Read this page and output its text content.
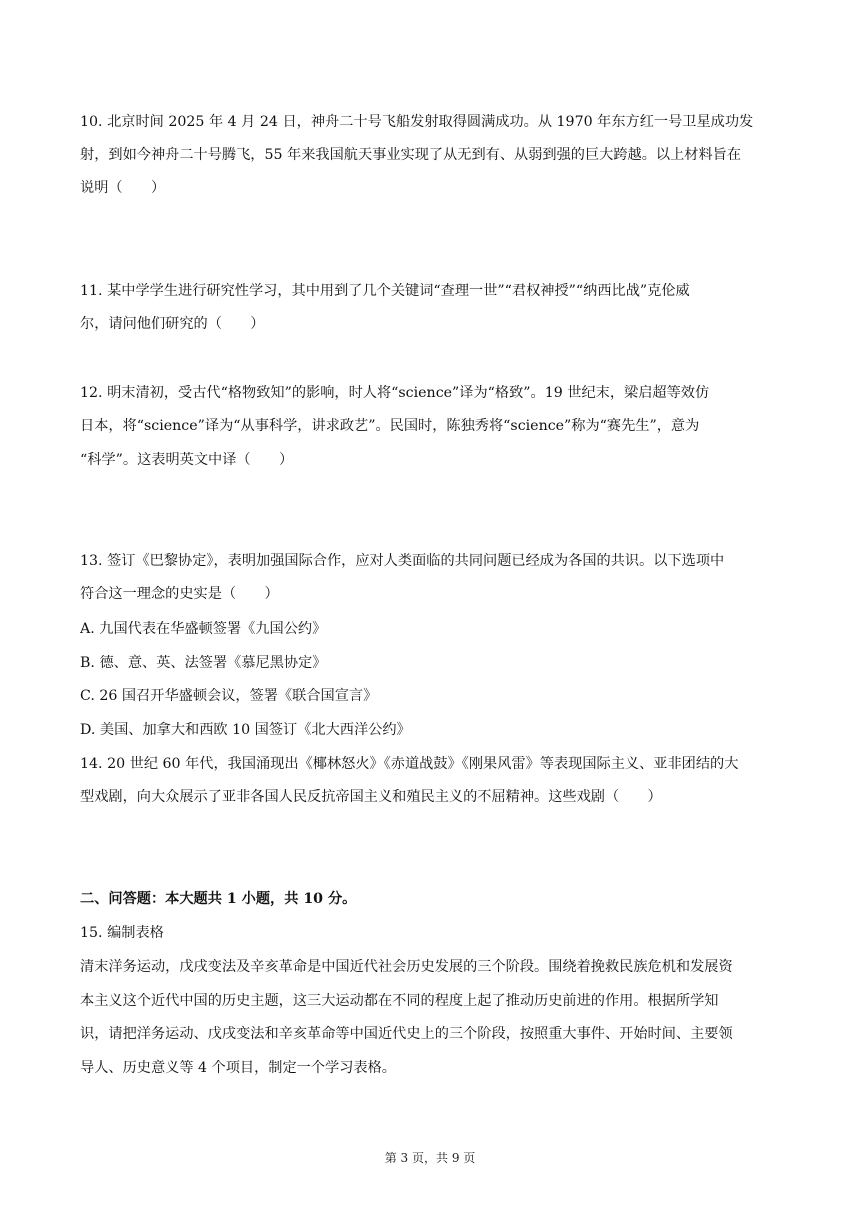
10. 北京时间 2025 年 4 月 24 日，神舟二十号飞船发射取得圆满成功。从 1970 年东方红一号卫星成功发
射，到如今神舟二十号腾飞，55 年来我国航天事业实现了从无到有、从弱到强的巨大跨越。以上材料旨在
说明（　　）
11. 某中学学生进行研究性学习，其中用到了几个关键词“查理一世”“君权神授”“纳西比战”克伦威
尔，请问他们研究的（　　）
12. 明末清初，受古代“格物致知”的影响，时人将“science”译为“格致”。19 世纪末，梁启超等效仿
日本，将“science”译为“从事科学，讲求政艺”。民国时，陈独秀将“science”称为“赛先生”，意为
“科学”。这表明英文中译（　　）
13. 签订《巴黎协定》，表明加强国际合作，应对人类面临的共同问题已经成为各国的共识。以下选项中
符合这一理念的史实是（　　）
A. 九国代表在华盛顿签署《九国公约》
B. 德、意、英、法签署《慕尼黑协定》
C. 26 国召开华盛顿会议，签署《联合国宣言》
D. 美国、加拿大和西欧 10 国签订《北大西洋公约》
14. 20 世纪 60 年代，我国涌现出《椰林怒火》《赤道战鼓》《刚果风雷》等表现国际主义、亚非团结的大
型戏剧，向大众展示了亚非各国人民反抗帝国主义和殖民主义的不屈精神。这些戏剧（　　）
二、问答题：本大题共 1 小题，共 10 分。
15. 编制表格
清末洋务运动，戊戌变法及辛亥革命是中国近代社会历史发展的三个阶段。围绕着挽救民族危机和发展资
本主义这个近代中国的历史主题，这三大运动都在不同的程度上起了推动历史前进的作用。根据所学知
识，请把洋务运动、戊戌变法和辛亥革命等中国近代史上的三个阶段，按照重大事件、开始时间、主要领
导人、历史意义等 4 个项目，制定一个学习表格。
第 3 页，共 9 页
